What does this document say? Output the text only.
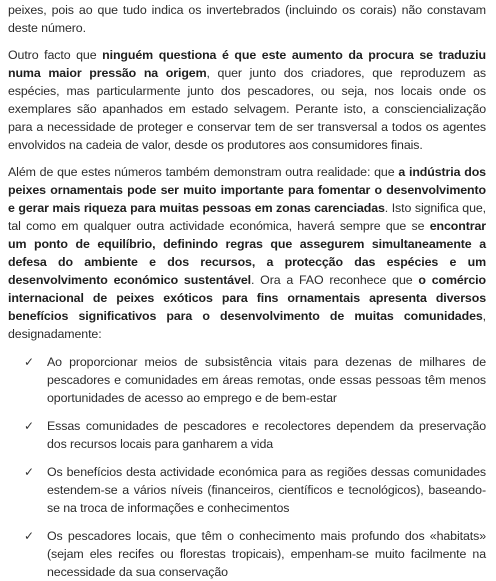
peixes, pois ao que tudo indica os invertebrados (incluindo os corais) não constavam deste número.

Outro facto que ninguém questiona é que este aumento da procura se traduziu numa maior pressão na origem, quer junto dos criadores, que reproduzem as espécies, mas particularmente junto dos pescadores, ou seja, nos locais onde os exemplares são apanhados em estado selvagem. Perante isto, a consciencialização para a necessidade de proteger e conservar tem de ser transversal a todos os agentes envolvidos na cadeia de valor, desde os produtores aos consumidores finais.

Além de que estes números também demonstram outra realidade: que a indústria dos peixes ornamentais pode ser muito importante para fomentar o desenvolvimento e gerar mais riqueza para muitas pessoas em zonas carenciadas. Isto significa que, tal como em qualquer outra actividade económica, haverá sempre que se encontrar um ponto de equilíbrio, definindo regras que assegurem simultaneamente a defesa do ambiente e dos recursos, a protecção das espécies e um desenvolvimento económico sustentável. Ora a FAO reconhece que o comércio internacional de peixes exóticos para fins ornamentais apresenta diversos benefícios significativos para o desenvolvimento de muitas comunidades, designadamente:

✓ Ao proporcionar meios de subsistência vitais para dezenas de milhares de pescadores e comunidades em áreas remotas, onde essas pessoas têm menos oportunidades de acesso ao emprego e de bem-estar
✓ Essas comunidades de pescadores e recolectores dependem da preservação dos recursos locais para ganharem a vida
✓ Os benefícios desta actividade económica para as regiões dessas comunidades estendem-se a vários níveis (financeiros, científicos e tecnológicos), baseando-se na troca de informações e conhecimentos
✓ Os pescadores locais, que têm o conhecimento mais profundo dos «habitats» (sejam eles recifes ou florestas tropicais), empenham-se muito facilmente na necessidade da sua conservação
